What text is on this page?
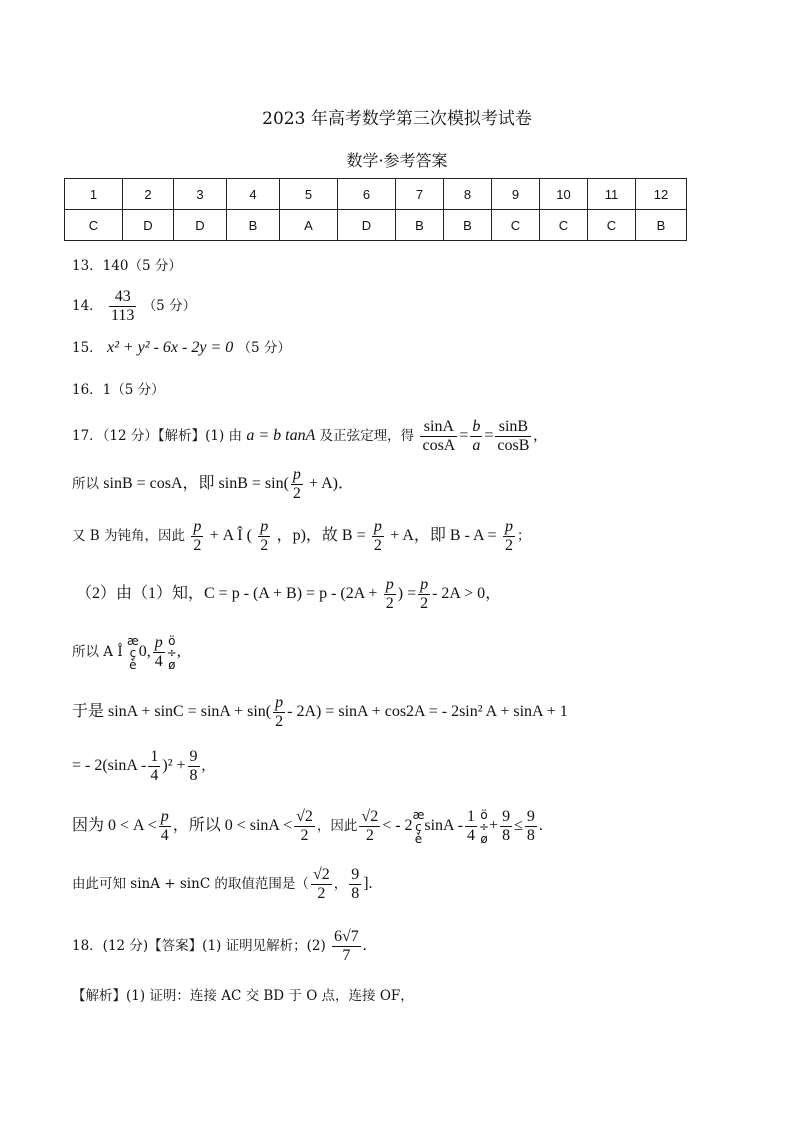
2023 年高考数学第三次模拟考试卷
数学·参考答案
1	2	3	4	5	6	7	8	9	10	11	12
C	D	D	B	A	D	B	B	C	C	C	B
13．140（5 分）
14． $\frac{43}{113} (5$ 分）
15． x² + y² - 6x - 2y = 0 （5 分）
16．1（5 分）
17．（12 分）【解析】(1) 由 a = b tanA 及正弦定理，得 $\frac{\sin A}{\cos A} = \frac{b}{a} = \frac{\sin B}{\cos B}$ ,
所以 sinB = cosA，即 $\sin B = \sin( \frac{p}{2} + A)$．
又 B 为钝角，因此 $\frac{p}{2} + A$ Î ( $\frac{p}{2}$ ，p)，故 $B = \frac{p}{2} + A$，即 $B - A = \frac{p}{2}$ ；
（2）由（1）知，$C = p - (A + B) = p - (2A + \frac{p}{2}$ ) = $\frac{p}{2} - 2A > 0$，
所以 A Î æ
ç
è0, $\frac{p}{4}$ ö
÷
ø,
于是 $\sin A + \sin C = \sin A + \sin( \frac{p}{2} - 2A) = \sin A + \cos 2A$ = - 2sin² A + sinA + 1
= - $2(\sin A - \frac{1}{4} )^2 + \frac{9}{8}$ ,
因为 $0 < A < \frac{p}{4}$ ，所以 $0 < \sin A < \frac{√2}{2}$ ，因此 $\frac{√2}{2}$ < - 2æ
ç
èsinA - $\frac{1}{4}$ ö
÷
ø+ $\frac{9}{8} \le \frac{9}{8}$ .
由此可知 sinA + sinC 的取值范围是（ $\frac{√2}{2}$ ， $\frac{9}{8}$ ].
18．(12 分)【答案】(1) 证明见解析；$(2) \frac{6√7}{7}$ .
【解析】(1) 证明：连接 AC 交 BD 于 O 点，连接 OF，
